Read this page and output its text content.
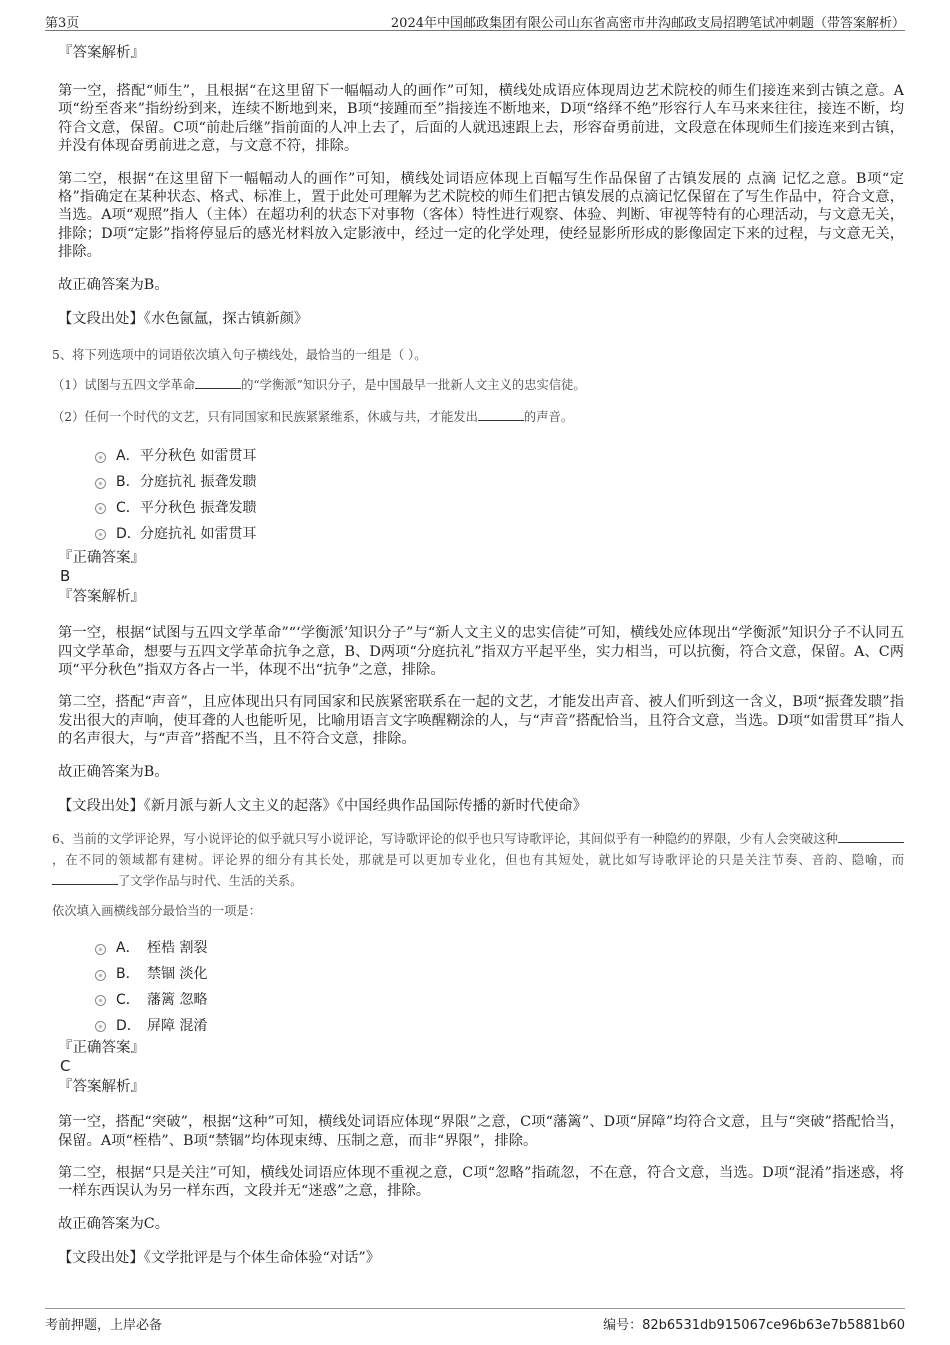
第3页	2024年中国邮政集团有限公司山东省高密市井沟邮政支局招聘笔试冲刺题（带答案解析）

『答案解析』

第一空，搭配“师生”，且根据“在这里留下一幅幅动人的画作”可知，横线处成语应体现周边艺术院校的师生们接连来到古镇之意。A项“纷至沓来”指纷纷到来，连续不断地到来，B项“接踵而至”指接连不断地来，D项“络绎不绝”形容行人车马来来往往，接连不断，均符合文意，保留。C项“前赴后继”指前面的人冲上去了，后面的人就迅速跟上去，形容奋勇前进，文段意在体现师生们接连来到古镇，并没有体现奋勇前进之意，与文意不符，排除。

第二空，根据“在这里留下一幅幅动人的画作”可知，横线处词语应体现上百幅写生作品保留了古镇发展的 点滴 记忆之意。B项“定格”指确定在某种状态、格式、标准上，置于此处可理解为艺术院校的师生们把古镇发展的点滴记忆保留在了写生作品中，符合文意，当选。A项“观照”指人（主体）在超功利的状态下对事物（客体）特性进行观察、体验、判断、审视等特有的心理活动，与文意无关，排除；D项“定影”指将停显后的感光材料放入定影液中，经过一定的化学处理，使经显影所形成的影像固定下来的过程，与文意无关，排除。

故正确答案为B。

【文段出处】《水色氤氲，探古镇新颜》

5、将下列选项中的词语依次填入句子横线处，最恰当的一组是（ ）。

（1）试图与五四文学革命	的“学衡派”知识分子，是中国最早一批新人文主义的忠实信徒。

（2）任何一个时代的文艺，只有同国家和民族紧紧维系，休戚与共，才能发出	的声音。

A． 平分秋色 如雷贯耳
B． 分庭抗礼 振聋发聩
C． 平分秋色 振聋发聩
D． 分庭抗礼 如雷贯耳

『正确答案』

B

『答案解析』

第一空，根据“试图与五四文学革命”“‘学衡派’知识分子”与“新人文主义的忠实信徒”可知，横线处应体现出“学衡派”知识分子不认同五四文学革命，想要与五四文学革命抗争之意，B、D两项“分庭抗礼”指双方平起平坐，实力相当，可以抗衡，符合文意，保留。A、C两项“平分秋色”指双方各占一半，体现不出“抗争”之意，排除。

第二空，搭配“声音”，且应体现出只有同国家和民族紧密联系在一起的文艺，才能发出声音、被人们听到这一含义，B项“振聋发聩”指发出很大的声响，使耳聋的人也能听见，比喻用语言文字唤醒糊涂的人，与“声音”搭配恰当，且符合文意，当选。D项“如雷贯耳”指人的名声很大，与“声音”搭配不当，且不符合文意，排除。

故正确答案为B。

【文段出处】《新月派与新人文主义的起落》《中国经典作品国际传播的新时代使命》

6、当前的文学评论界，写小说评论的似乎就只写小说评论，写诗歌评论的似乎也只写诗歌评论，其间似乎有一种隐约的界限，少有人会突破这种，在不同的领域都有建树。评论界的细分有其长处，那就是可以更加专业化，但也有其短处，就比如写诗歌评论的只是关注节奏、音韵、隐喻，而了文学作品与时代、生活的关系。

依次填入画横线部分最恰当的一项是：

A． 桎梏 割裂
B． 禁锢 淡化
C． 藩篱 忽略
D． 屏障 混淆

『正确答案』

C

『答案解析』

第一空，搭配“突破”，根据“这种”可知，横线处词语应体现“界限”之意，C项“藩篱”、D项“屏障”均符合文意，且与“突破”搭配恰当，保留。A项“桎梏”、B项“禁锢”均体现束缚、压制之意，而非“界限”，排除。

第二空，根据“只是关注”可知，横线处词语应体现不重视之意，C项“忽略”指疏忽，不在意，符合文意，当选。D项“混淆”指迷惑，将一样东西误认为另一样东西，文段并无“迷惑”之意，排除。

故正确答案为C。

【文段出处】《文学批评是与个体生命体验“对话”》

考前押题，上岸必备	编号：82b6531db915067ce96b63e7b5881b60
